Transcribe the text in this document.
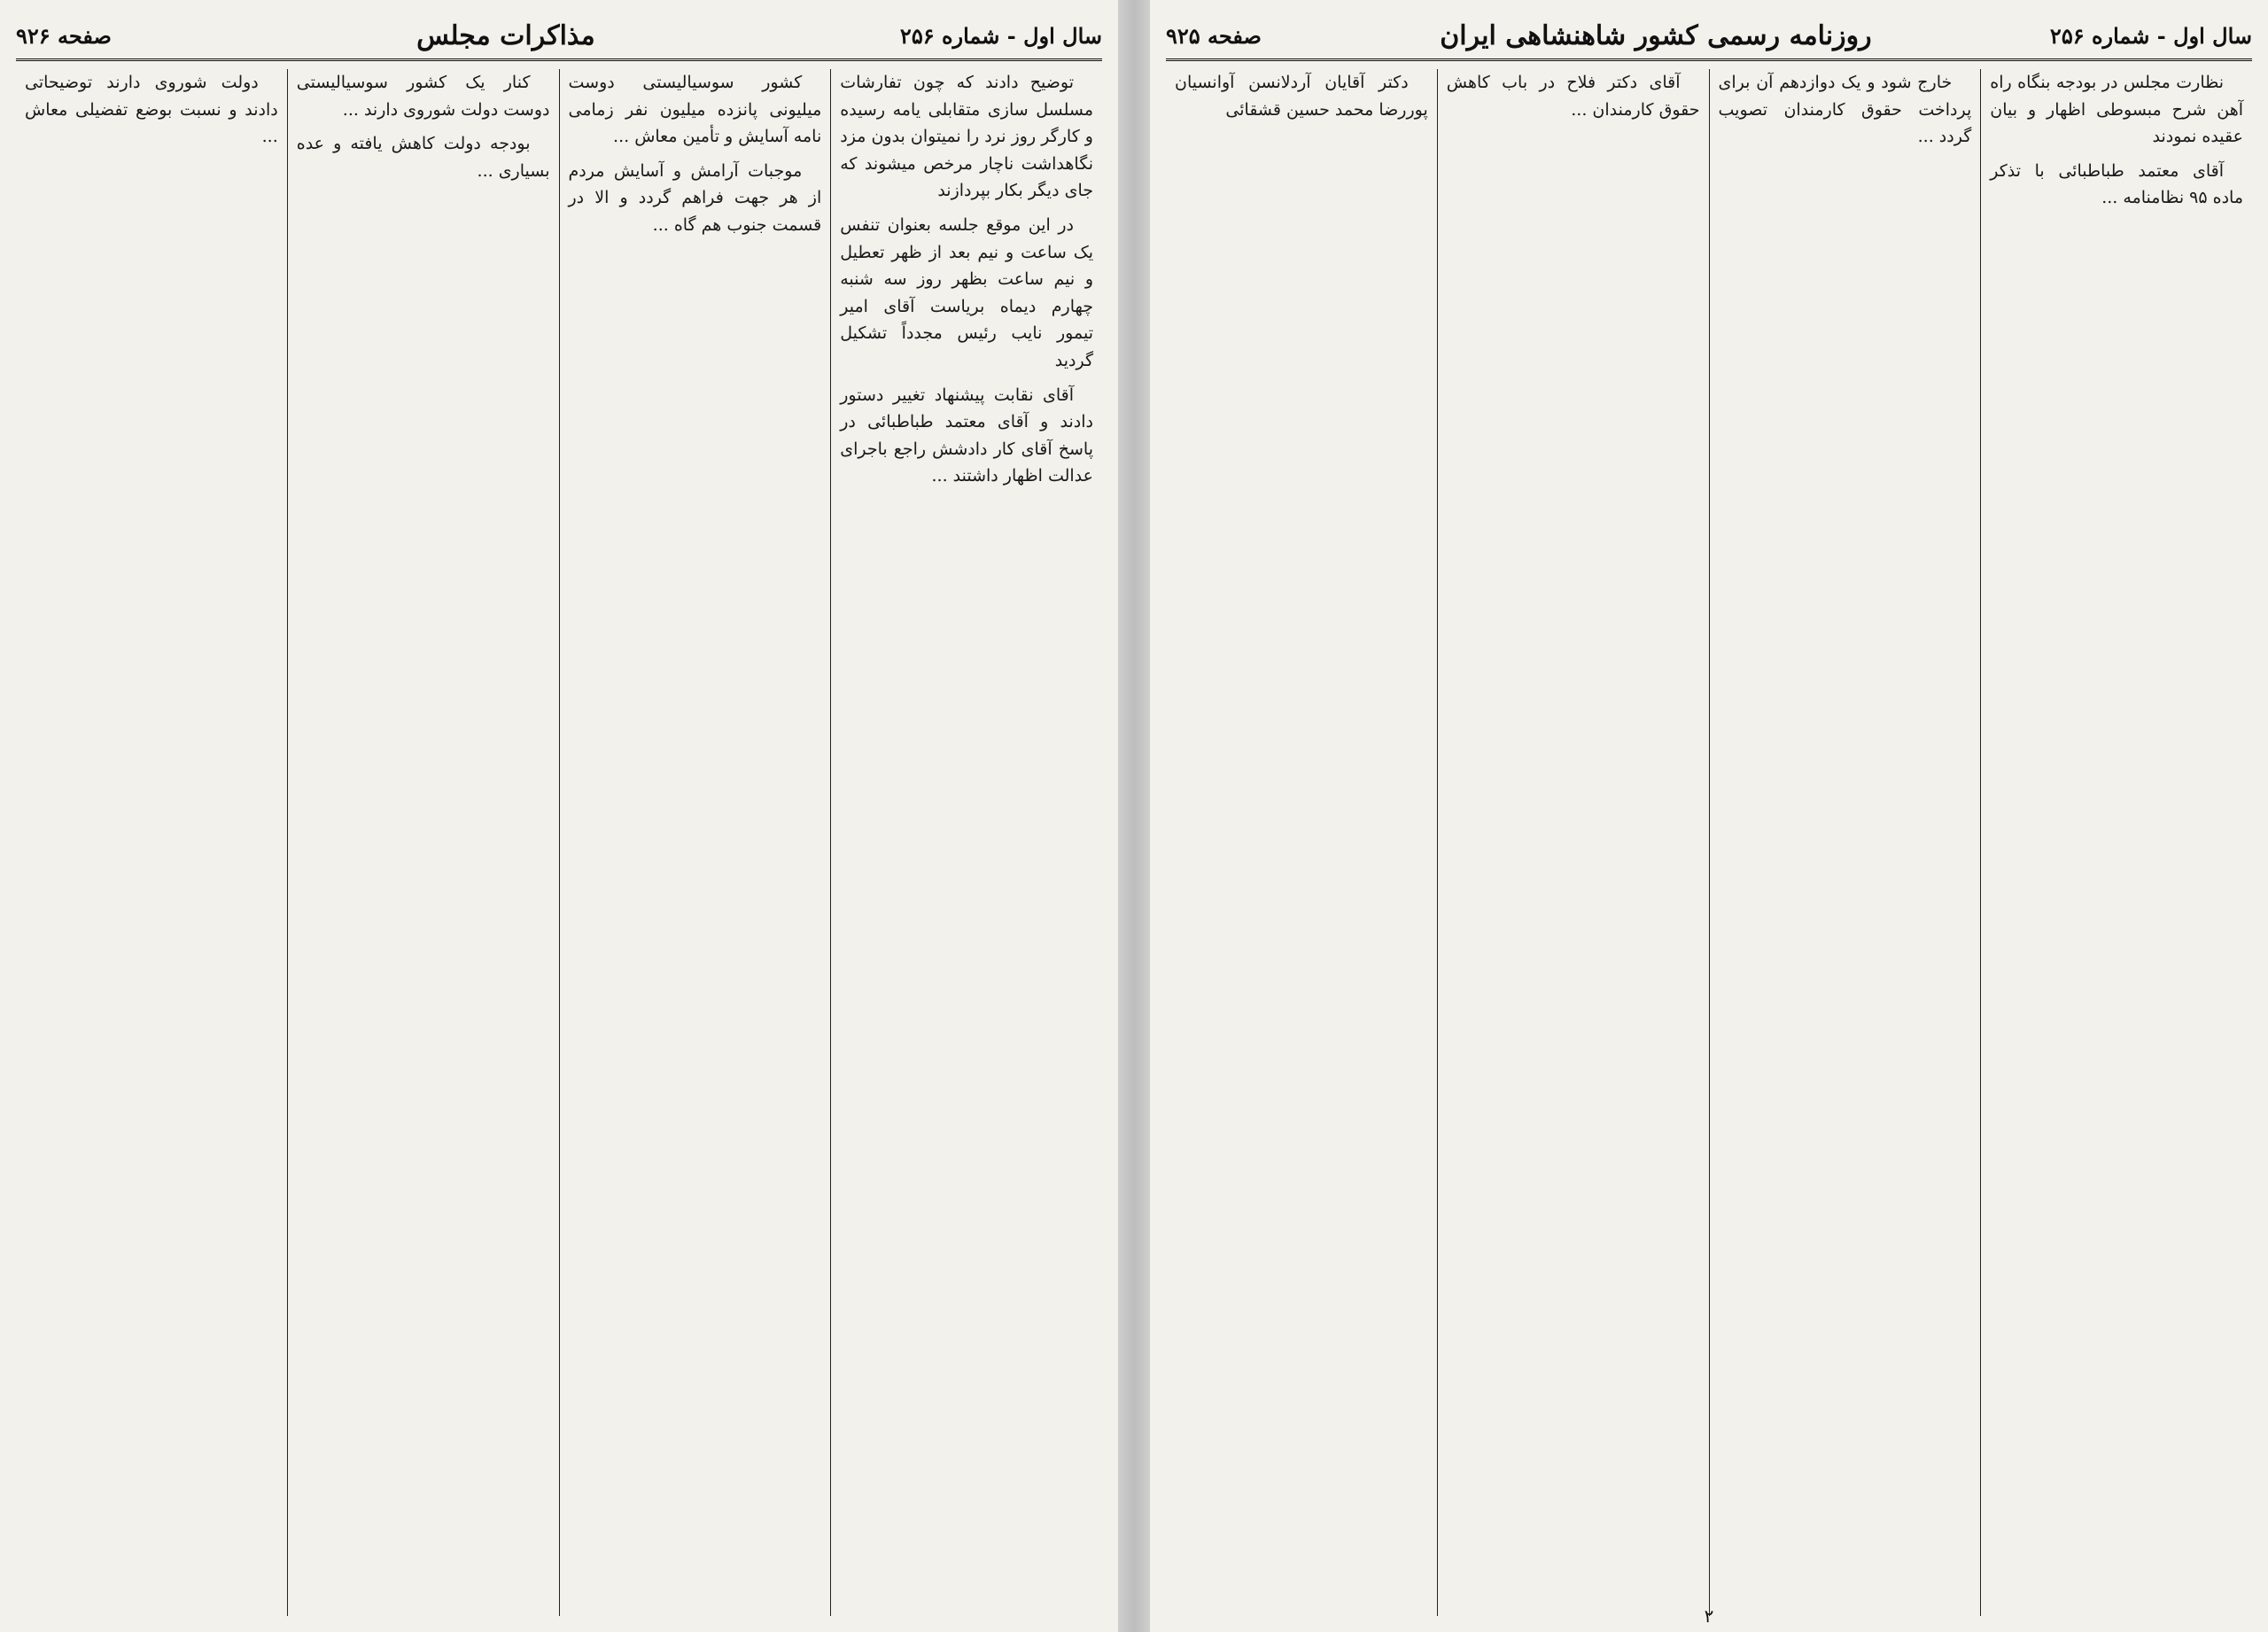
سال اول - شماره ۲۵۶
مذاکرات مجلس
صفحه ۹۲۶

توضیح دادند که چون تفارشات مسلسل سازی متقابلی یامه رسیده و کارگر روز نرد را نمیتوان بدون مزد نگاهداشت ناچار مرخص میشوند که جای دیگر بکار بپردازند

در این موقع جلسه بعنوان تنفس یک ساعت و نیم بعد از ظهر تعطیل و نیم ساعت بظهر روز سه شنبه چهارم دیماه بریاست آقای امیر تیمور نایب رئیس مجدداً تشکیل گردید

آقای نقابت پیشنهاد تغییر دستور دادند و آقای معتمد طباطبائی در پاسخ آقای کار دادشش راجع باجرای عدالت اظهار داشتند ...

کشور سوسیالیستی دوست میلیونی پانزده میلیون نفر زمامی نامه آسایش و تأمین معاش ...

موجبات آرامش و آسایش مردم از هر جهت فراهم گردد و الا در قسمت جنوب هم گاه ...

کنار یک کشور سوسیالیستی دوست دولت شوروی دارند ...

بودجه دولت کاهش یافته و عده بسیاری ...

دولت شوروی دارند توضیحاتی دادند و نسبت بوضع تفضیلی معاش ...

سال اول - شماره ۲۵۶
روزنامه رسمی کشور شاهنشاهی ایران
صفحه ۹۲۵

نظارت مجلس در بودجه بنگاه راه آهن شرح مبسوطی اظهار و بیان عقیده نمودند

آقای معتمد طباطبائی با تذکر ماده ۹۵ نظامنامه ...

خارج شود و یک دوازدهم آن برای پرداخت حقوق کارمندان تصویب گردد ...

آقای دکتر فلاح در باب کاهش حقوق کارمندان ...

دکتر آقایان آردلانسن آوانسیان پوررضا محمد حسین قشقائی

۲
